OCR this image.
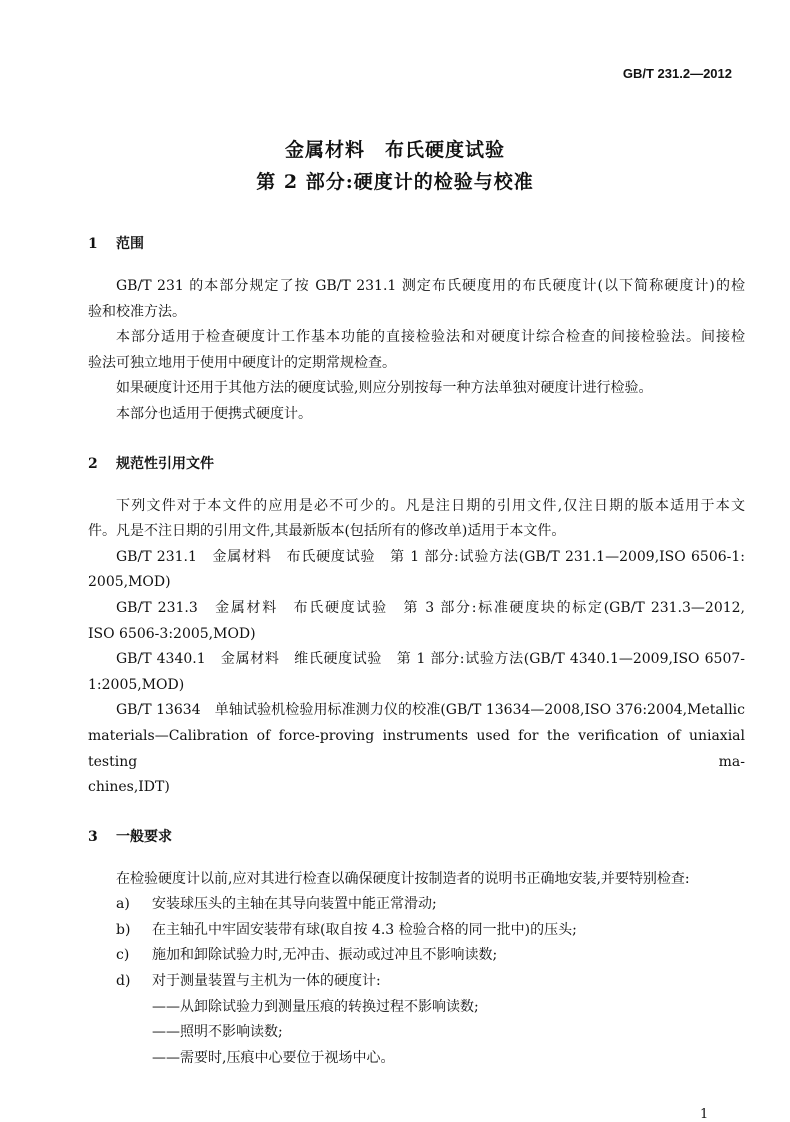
GB/T 231.2—2012
金属材料　布氏硬度试验
第 2 部分:硬度计的检验与校准
1 范围
GB/T 231 的本部分规定了按 GB/T 231.1 测定布氏硬度用的布氏硬度计(以下简称硬度计)的检
验和校准方法。
本部分适用于检查硬度计工作基本功能的直接检验法和对硬度计综合检查的间接检验法。间接检
验法可独立地用于使用中硬度计的定期常规检查。
如果硬度计还用于其他方法的硬度试验,则应分别按每一种方法单独对硬度计进行检验。
本部分也适用于便携式硬度计。
2 规范性引用文件
下列文件对于本文件的应用是必不可少的。凡是注日期的引用文件,仅注日期的版本适用于本文
件。凡是不注日期的引用文件,其最新版本(包括所有的修改单)适用于本文件。
GB/T 231.1　金属材料　布氏硬度试验　第 1 部分:试验方法(GB/T 231.1—2009,ISO 6506-1:
2005,MOD)
GB/T 231.3　金属材料　布氏硬度试验　第 3 部分:标准硬度块的标定(GB/T 231.3—2012,
ISO 6506-3:2005,MOD)
GB/T 4340.1　金属材料　维氏硬度试验　第 1 部分:试验方法(GB/T 4340.1—2009,ISO 6507-
1:2005,MOD)
GB/T 13634　单轴试验机检验用标准测力仪的校准(GB/T 13634—2008,ISO 376:2004,Metallic
materials—Calibration of force-proving instruments used for the verification of uniaxial testing ma-
chines,IDT)
3 一般要求
在检验硬度计以前,应对其进行检查以确保硬度计按制造者的说明书正确地安装,并要特别检查:
a)	安装球压头的主轴在其导向装置中能正常滑动;
b)	在主轴孔中牢固安装带有球(取自按 4.3 检验合格的同一批中)的压头;
c)	施加和卸除试验力时,无冲击、振动或过冲且不影响读数;
d)	对于测量装置与主机为一体的硬度计:
——从卸除试验力到测量压痕的转换过程不影响读数;
——照明不影响读数;
——需要时,压痕中心要位于视场中心。
1
